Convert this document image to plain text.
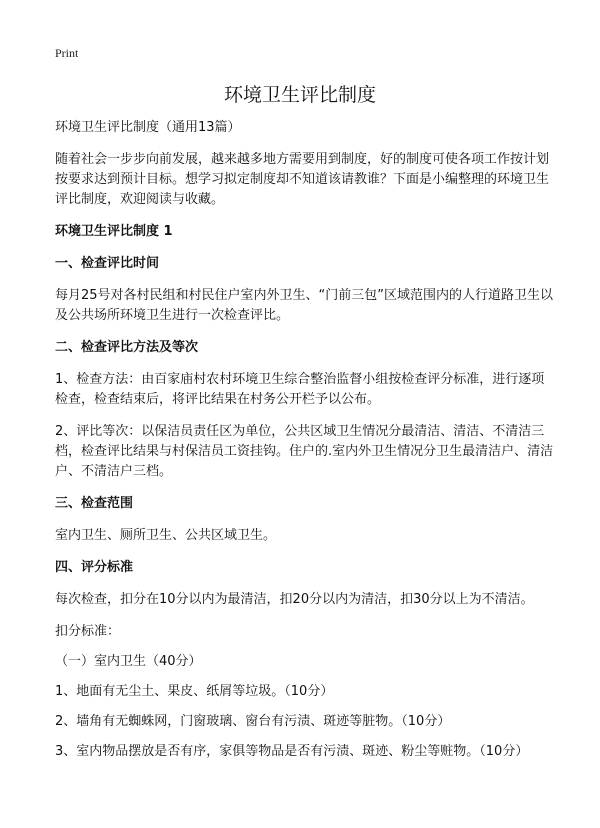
Print
环境卫生评比制度

环境卫生评比制度（通用13篇）

随着社会一步步向前发展，越来越多地方需要用到制度，好的制度可使各项工作按计划按要求达到预计目标。想学习拟定制度却不知道该请教谁？下面是小编整理的环境卫生评比制度，欢迎阅读与收藏。

环境卫生评比制度 1
一、检查评比时间

每月25号对各村民组和村民住户室内外卫生、“门前三包”区域范围内的人行道路卫生以及公共场所环境卫生进行一次检查评比。

二、检查评比方法及等次

1、检查方法：由百家庙村农村环境卫生综合整治监督小组按检查评分标准，进行逐项检查，检查结束后，将评比结果在村务公开栏予以公布。

2、评比等次：以保洁员责任区为单位，公共区域卫生情况分最清洁、清洁、不清洁三档，检查评比结果与村保洁员工资挂钩。住户的.室内外卫生情况分卫生最清洁户、清洁户、不清洁户三档。

三、检查范围

室内卫生、厕所卫生、公共区域卫生。

四、评分标准

每次检查，扣分在10分以内为最清洁，扣20分以内为清洁，扣30分以上为不清洁。

扣分标准：

（一）室内卫生（40分）

1、地面有无尘土、果皮、纸屑等垃圾。（10分）

2、墙角有无蜘蛛网，门窗玻璃、窗台有污渍、斑迹等脏物。（10分）

3、室内物品摆放是否有序，家俱等物品是否有污渍、斑迹、粉尘等赃物。（10分）
